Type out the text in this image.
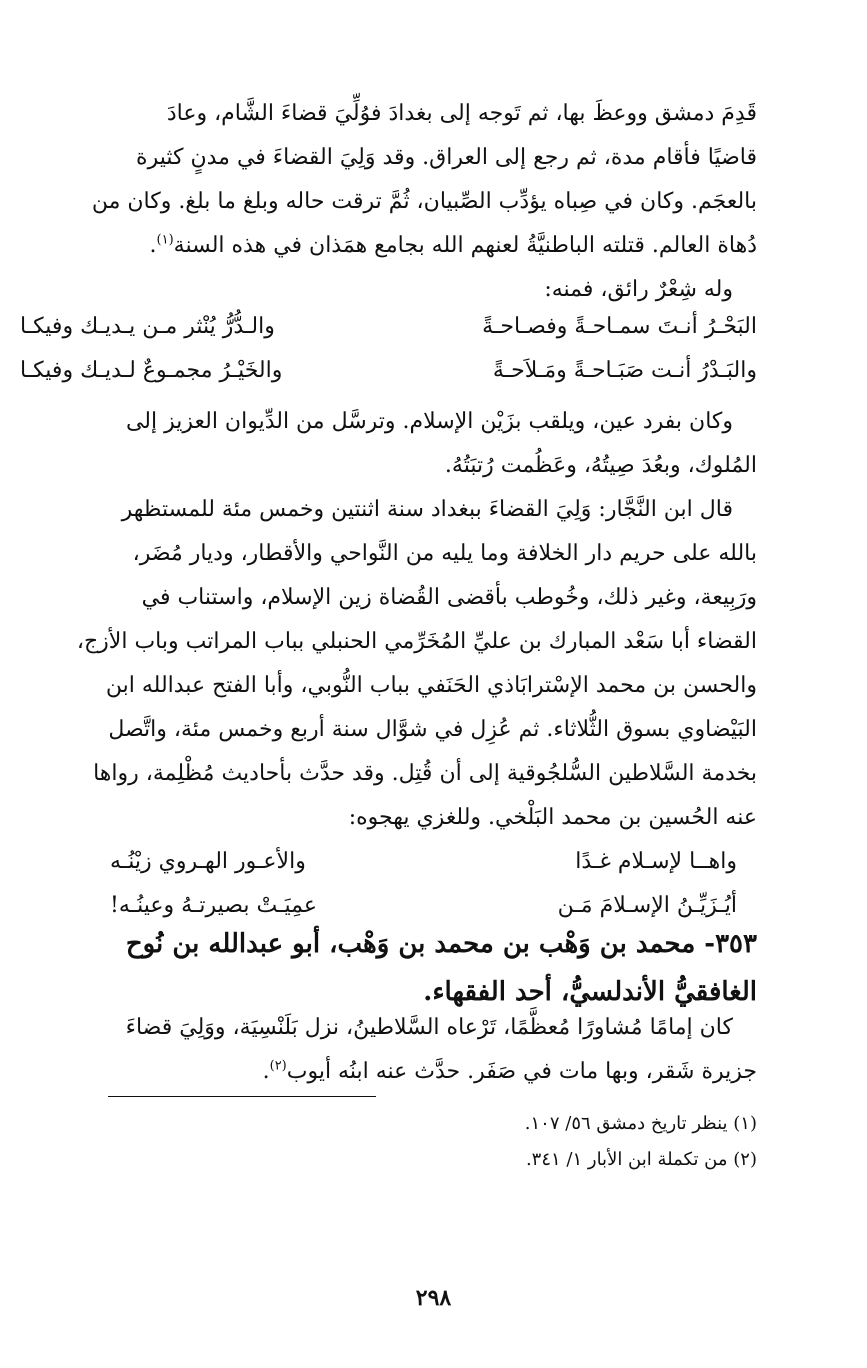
قَدِمَ دمشق ووعظَ بها، ثم تَوجه إلى بغدادَ فوُلِّيَ قضاءَ الشَّام، وعادَ
قاضيًا فأقام مدة، ثم رجع إلى العراق. وقد وَلِيَ القضاءَ في مدنٍ كثيرة
بالعجَم. وكان في صِباه يؤدِّب الصِّبيان، ثُمَّ ترقت حاله وبلغ ما بلغ. وكان من
دُهاة العالم. قتلته الباطنيَّةُ لعنهم الله بجامع همَذان في هذه السنة$^{(١)}$.
وله شِعْرٌ رائق، فمنه:
البَحْـرُ أنـتَ سمـاحـةً وفصـاحـةً
والـدُّرُّ يُنْثر مـن يـديـك وفيكـا
والبَـدْرُ أنـت صَبَـاحـةً ومَـلاَحـةً
والخَيْـرُ مجمـوعٌ لـديـك وفيكـا
وكان بفرد عين، ويلقب بزَيْن الإسلام. وترسَّل من الدِّيوان العزيز إلى
المُلوك، وبعُدَ صِيتُهُ، وعَظُمت رُتبَتُهُ.
قال ابن النَّجَّار: وَلِيَ القضاءَ ببغداد سنة اثنتين وخمس مئة للمستظهر
بالله على حريم دار الخلافة وما يليه من النَّواحي والأقطار، وديار مُضَر،
ورَبِيعة، وغير ذلك، وخُوطب بأقضى القُضاة زين الإسلام، واستناب في
القضاء أبا سَعْد المبارك بن عليِّ المُخَرِّمي الحنبلي بباب المراتب وباب الأزج،
والحسن بن محمد الإسْترابَاذي الحَنَفي بباب النُّوبي، وأبا الفتح عبدالله ابن
البَيْضاوي بسوق الثُّلاثاء. ثم عُزِل في شوَّال سنة أربع وخمس مئة، واتَّصل
بخدمة السَّلاطين السُّلجُوقية إلى أن قُتِل. وقد حدَّث بأحاديث مُظْلِمة، رواها
عنه الحُسين بن محمد البَلْخي. وللغزي يهجوه:
واهــا لإسـلام غـدًا
والأعـور الهـروي زيْنُـه
أيُـزَيِّـنُ الإسـلامَ مَـن
عمِيَـتْ بصيرتـهُ وعينُـه!
٣٥٣- محمد بن وَهْب بن محمد بن وَهْب، أبو عبدالله بن نُوح
الغافقيُّ الأندلسيُّ، أحد الفقهاء.
كان إمامًا مُشاورًا مُعظَّمًا، تَرْعاه السَّلاطينُ، نزل بَلَنْسِيَة، ووَلِيَ قضاءَ
جزيرة شَقر، وبها مات في صَفَر. حدَّث عنه ابنُه أيوب$^{(٢)}$.
(١) ينظر تاريخ دمشق ٥٦/ ١٠٧.
(٢) من تكملة ابن الأبار ١/ ٣٤١.
٢٩٨
